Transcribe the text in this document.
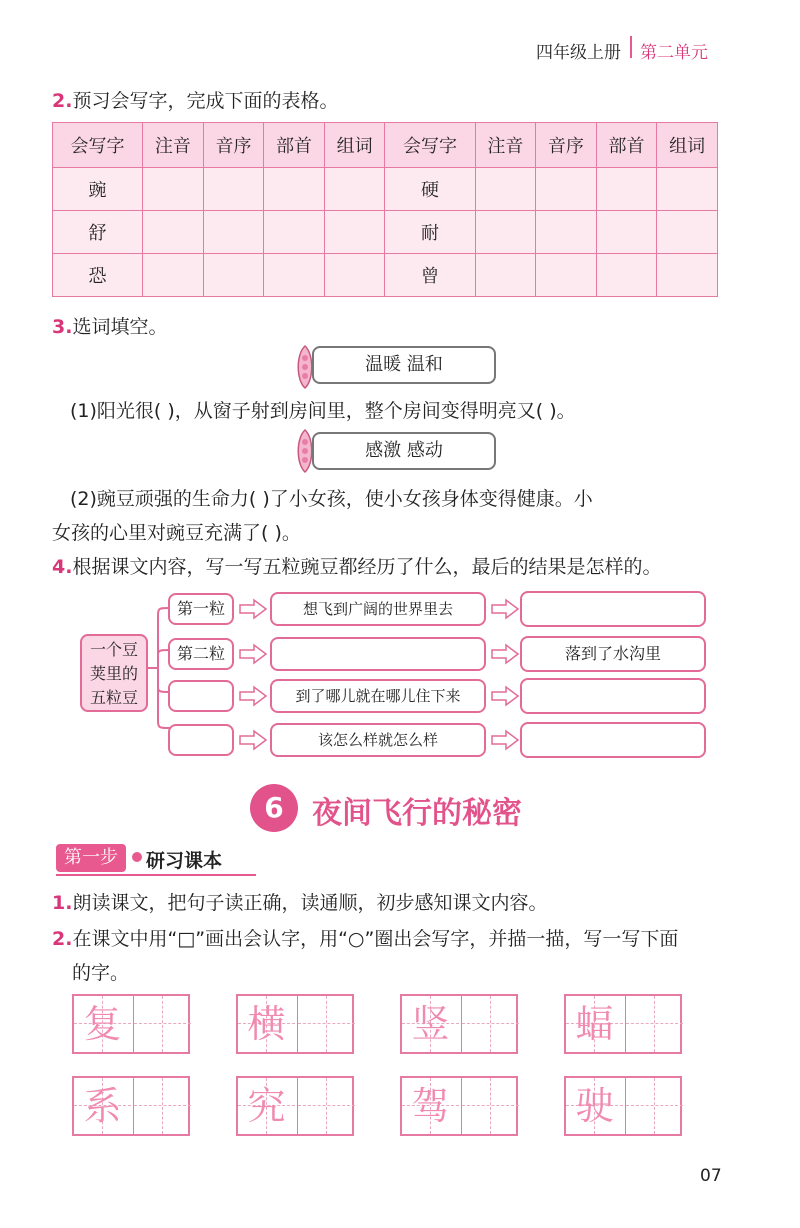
四年级上册 第二单元
2.预习会写字，完成下面的表格。
会写字	注音	音序	部首	组词	会写字	注音	音序	部首	组词
豌					硬				
舒					耐				
恐					曾				
3.选词填空。
温暖 温和
(1)阳光很( )，从窗子射到房间里，整个房间变得明亮又( )。
感激 感动
(2)豌豆顽强的生命力( )了小女孩，使小女孩身体变得健康。小
女孩的心里对豌豆充满了( )。
4.根据课文内容，写一写五粒豌豆都经历了什么，最后的结果是怎样的。
一个豆
荚里的
五粒豆
第一粒	想飞到广阔的世界里去
第二粒	落到了水沟里
到了哪儿就在哪儿住下来
该怎么样就怎么样
6 夜间飞行的秘密
第一步	研习课本
1.朗读课文，把句子读正确，读通顺，初步感知课文内容。
2.在课文中用“□”画出会认字，用“○”圈出会写字，并描一描，写一写下面
的字。
复	横	竖	蝠
系	究	驾	驶
07
